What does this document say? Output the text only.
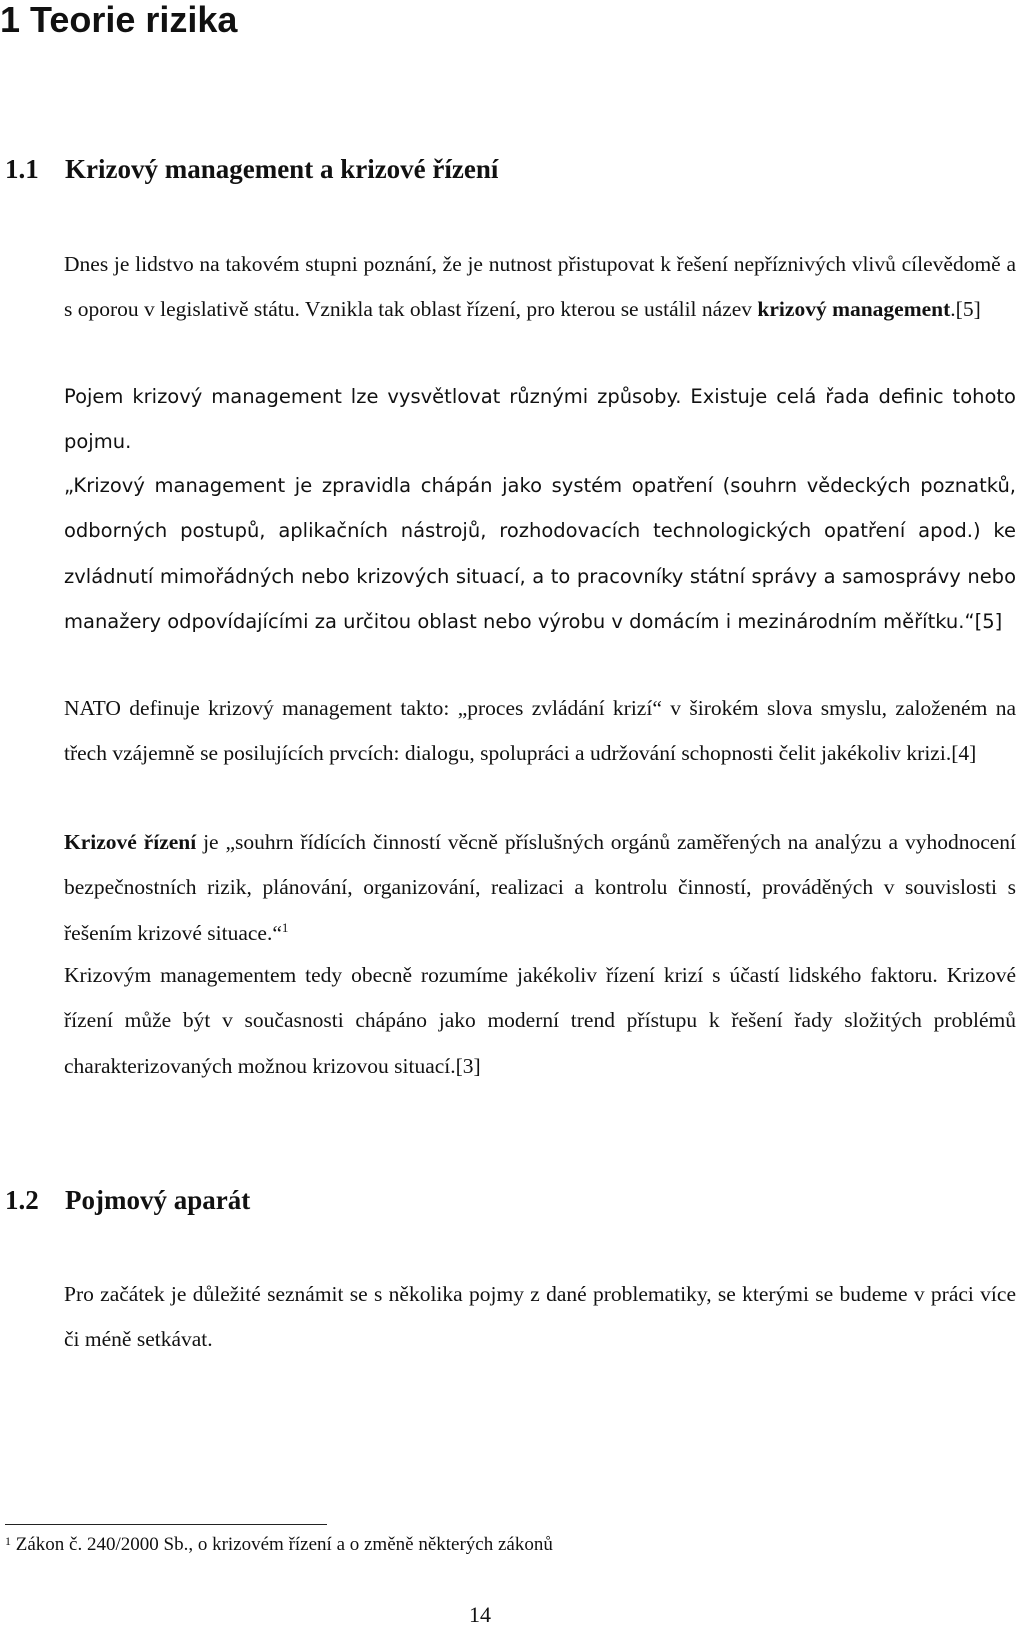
1 Teorie rizika
1.1 Krizový management a krizové řízení

Dnes je lidstvo na takovém stupni poznání, že je nutnost přistupovat k řešení nepříznivých vlivů cílevědomě a s oporou v legislativě státu. Vznikla tak oblast řízení, pro kterou se ustálil název krizový management.[5]

Pojem krizový management lze vysvětlovat různými způsoby. Existuje celá řada definic tohoto pojmu.

„Krizový management je zpravidla chápán jako systém opatření (souhrn vědeckých poznatků, odborných postupů, aplikačních nástrojů, rozhodovacích technologických opatření apod.) ke zvládnutí mimořádných nebo krizových situací, a to pracovníky státní správy a samosprávy nebo manažery odpovídajícími za určitou oblast nebo výrobu v domácím i mezinárodním měřítku.“[5]

NATO definuje krizový management takto: „proces zvládání krizí“ v širokém slova smyslu, založeném na třech vzájemně se posilujících prvcích: dialogu, spolupráci a udržování schopnosti čelit jakékoliv krizi.[4]

Krizové řízení je „souhrn řídících činností věcně příslušných orgánů zaměřených na analýzu a vyhodnocení bezpečnostních rizik, plánování, organizování, realizaci a kontrolu činností, prováděných v souvislosti s řešením krizové situace.“$^1$

Krizovým managementem tedy obecně rozumíme jakékoliv řízení krizí s účastí lidského faktoru. Krizové řízení může být v současnosti chápáno jako moderní trend přístupu k řešení řady složitých problémů charakterizovaných možnou krizovou situací.[3]

1.2 Pojmový aparát

Pro začátek je důležité seznámit se s několika pojmy z dané problematiky, se kterými se budeme v práci více či méně setkávat.

$^1$ Zákon č. 240/2000 Sb., o krizovém řízení a o změně některých zákonů

14
